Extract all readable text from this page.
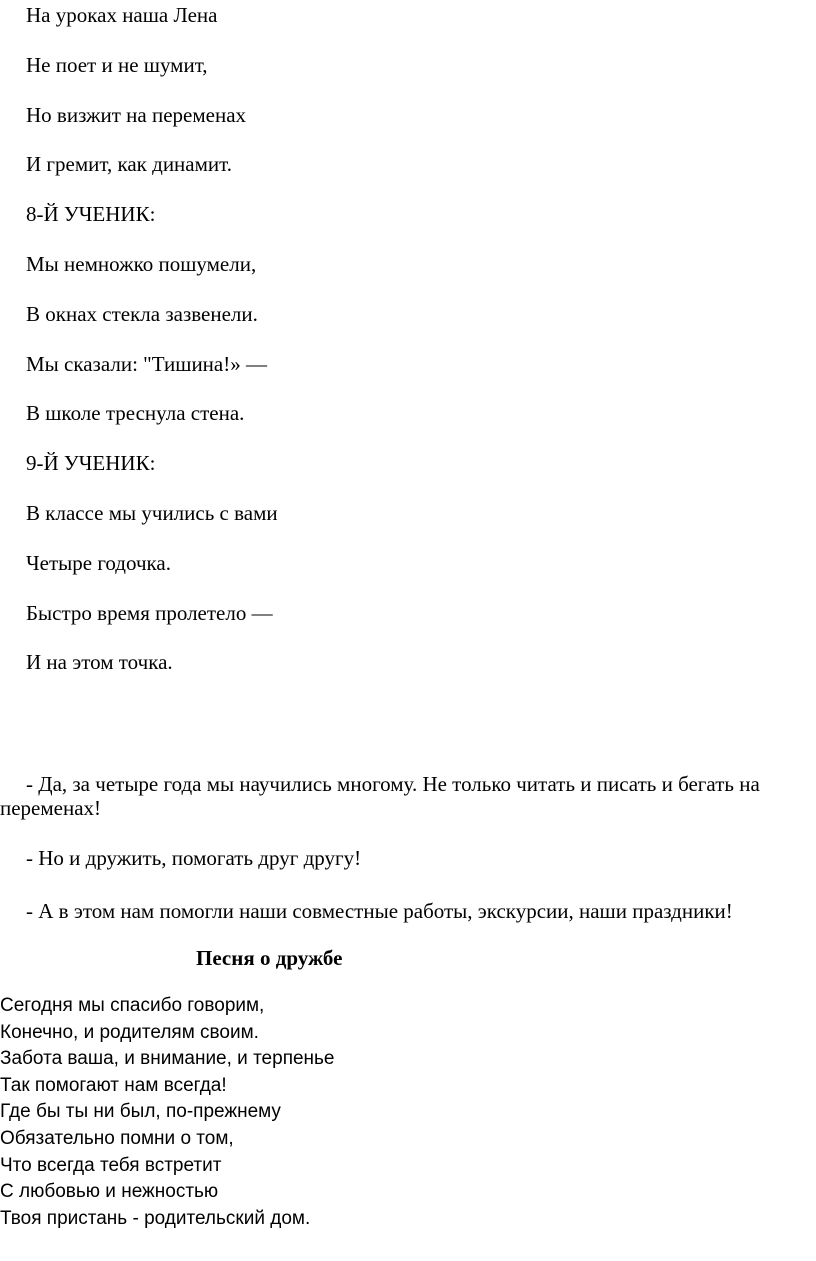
На уроках наша Лена
Не поет и не шумит,
Но визжит на переменах
И гремит, как динамит.
8-Й УЧЕНИК:
Мы немножко пошумели,
В окнах стекла зазвенели.
Мы сказали: "Тишина!» —
В школе треснула стена.
9-Й УЧЕНИК:
В классе мы учились с вами
Четыре годочка.
Быстро время пролетело —
И на этом точка.

- Да, за четыре года мы научились многому. Не только читать и писать и бегать на переменах!

- Но и дружить, помогать друг другу!

- А в этом нам помогли наши совместные работы, экскурсии, наши праздники!

Песня о дружбе
Сегодня мы спасибо говорим,
Конечно, и родителям своим.
Забота ваша, и внимание, и терпенье
Так помогают нам всегда!
Где бы ты ни был, по-прежнему
Обязательно помни о том,
Что всегда тебя встретит
С любовью и нежностью
Твоя пристань - родительский дом.
